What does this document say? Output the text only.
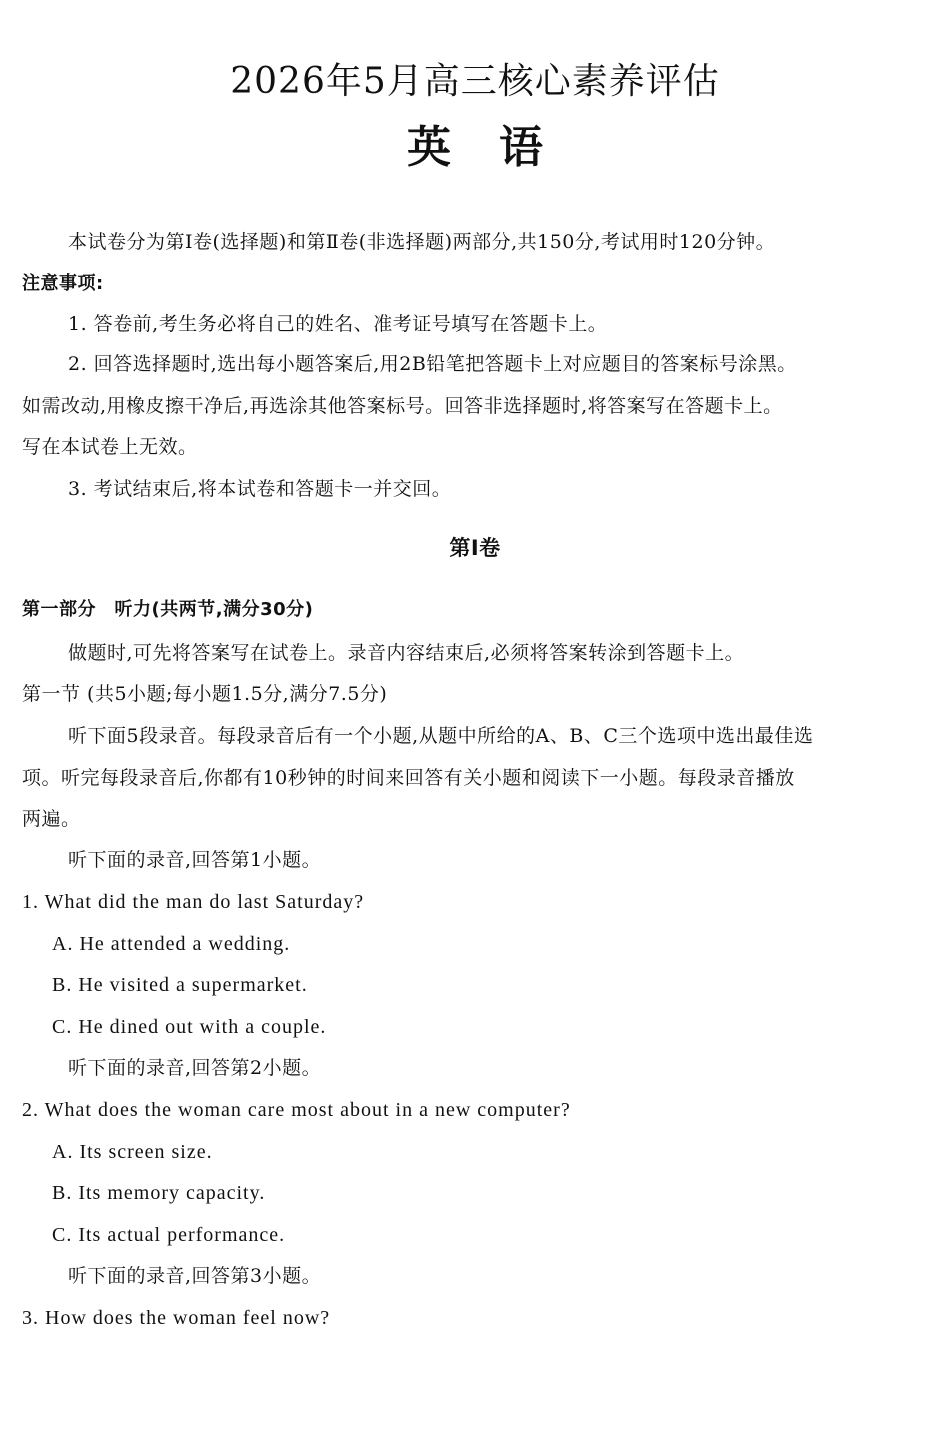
2026年5月高三核心素养评估
英语
本试卷分为第Ⅰ卷(选择题)和第Ⅱ卷(非选择题)两部分,共150分,考试用时120分钟。
注意事项:
1. 答卷前,考生务必将自己的姓名、准考证号填写在答题卡上。
2. 回答选择题时,选出每小题答案后,用2B铅笔把答题卡上对应题目的答案标号涂黑。
如需改动,用橡皮擦干净后,再选涂其他答案标号。回答非选择题时,将答案写在答题卡上。
写在本试卷上无效。
3. 考试结束后,将本试卷和答题卡一并交回。
第Ⅰ卷
第一部分　听力(共两节,满分30分)
做题时,可先将答案写在试卷上。录音内容结束后,必须将答案转涂到答题卡上。
第一节 (共5小题;每小题1.5分,满分7.5分)
听下面5段录音。每段录音后有一个小题,从题中所给的A、B、C三个选项中选出最佳选
项。听完每段录音后,你都有10秒钟的时间来回答有关小题和阅读下一小题。每段录音播放
两遍。
听下面的录音,回答第1小题。
1. What did the man do last Saturday?
A. He attended a wedding.
B. He visited a supermarket.
C. He dined out with a couple.
听下面的录音,回答第2小题。
2. What does the woman care most about in a new computer?
A. Its screen size.
B. Its memory capacity.
C. Its actual performance.
听下面的录音,回答第3小题。
3. How does the woman feel now?
